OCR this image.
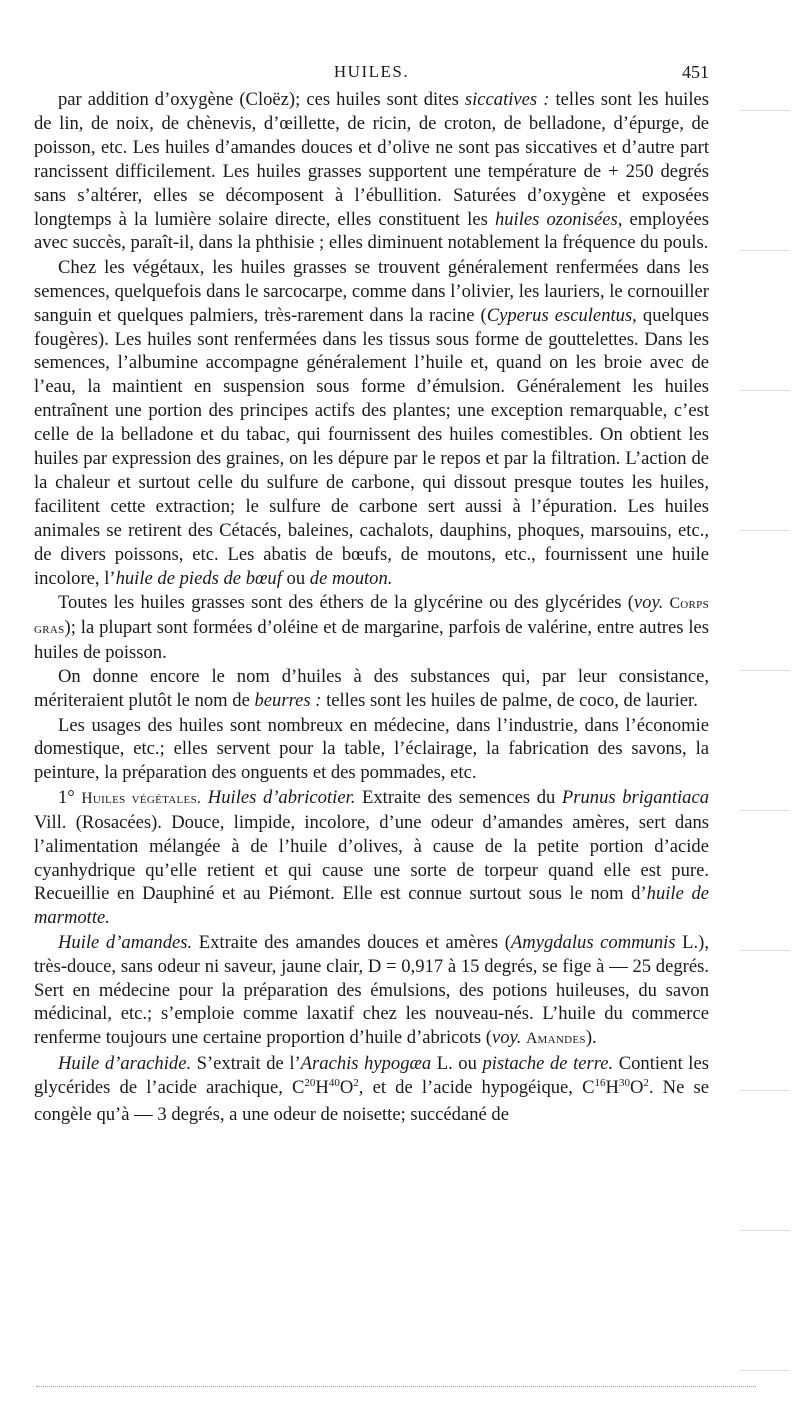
HUILES.	451

par addition d’oxygène (Cloëz); ces huiles sont dites siccatives : telles sont les huiles de lin, de noix, de chènevis, d’œillette, de ricin, de croton, de belladone, d’épurge, de poisson, etc. Les huiles d’amandes douces et d’olive ne sont pas siccatives et d’autre part rancissent difficilement. Les huiles grasses supportent une température de + 250 degrés sans s’altérer, elles se décomposent à l’ébullition. Saturées d’oxygène et exposées longtemps à la lumière solaire directe, elles constituent les huiles ozonisées, employées avec succès, paraît-il, dans la phthisie ; elles diminuent notablement la fréquence du pouls.

Chez les végétaux, les huiles grasses se trouvent généralement renfermées dans les semences, quelquefois dans le sarcocarpe, comme dans l’olivier, les lauriers, le cornouiller sanguin et quelques palmiers, très-rarement dans la racine (Cyperus esculentus, quelques fougères). Les huiles sont renfermées dans les tissus sous forme de gouttelettes. Dans les semences, l’albumine accompagne généralement l’huile et, quand on les broie avec de l’eau, la maintient en suspension sous forme d’émulsion. Généralement les huiles entraînent une portion des principes actifs des plantes; une exception remarquable, c’est celle de la belladone et du tabac, qui fournissent des huiles comestibles. On obtient les huiles par expression des graines, on les dépure par le repos et par la filtration. L’action de la chaleur et surtout celle du sulfure de carbone, qui dissout presque toutes les huiles, facilitent cette extraction; le sulfure de carbone sert aussi à l’épuration. Les huiles animales se retirent des Cétacés, baleines, cachalots, dauphins, phoques, marsouins, etc., de divers poissons, etc. Les abatis de bœufs, de moutons, etc., fournissent une huile incolore, l’huile de pieds de bœuf ou de mouton.

Toutes les huiles grasses sont des éthers de la glycérine ou des glycérides (voy. Corps gras); la plupart sont formées d’oléine et de margarine, parfois de valérine, entre autres les huiles de poisson.

On donne encore le nom d’huiles à des substances qui, par leur consistance, mériteraient plutôt le nom de beurres : telles sont les huiles de palme, de coco, de laurier.

Les usages des huiles sont nombreux en médecine, dans l’industrie, dans l’économie domestique, etc.; elles servent pour la table, l’éclairage, la fabrication des savons, la peinture, la préparation des onguents et des pommades, etc.

1° Huiles végétales. Huiles d’abricotier. Extraite des semences du Prunus brigantiaca Vill. (Rosacées). Douce, limpide, incolore, d’une odeur d’amandes amères, sert dans l’alimentation mélangée à de l’huile d’olives, à cause de la petite portion d’acide cyanhydrique qu’elle retient et qui cause une sorte de torpeur quand elle est pure. Recueillie en Dauphiné et au Piémont. Elle est connue surtout sous le nom d’huile de marmotte.

Huile d’amandes. Extraite des amandes douces et amères (Amygdalus communis L.), très-douce, sans odeur ni saveur, jaune clair, D = 0,917 à 15 degrés, se fige à — 25 degrés. Sert en médecine pour la préparation des émulsions, des potions huileuses, du savon médicinal, etc.; s’emploie comme laxatif chez les nouveau-nés. L’huile du commerce renferme toujours une certaine proportion d’huile d’abricots (voy. Amandes).

Huile d’arachide. S’extrait de l’Arachis hypogæa L. ou pistache de terre. Contient les glycérides de l’acide arachique, $C^{20}H^{40}O^2$, et de l’acide hypogéique, $C^{16}H^{30}O^2$. Ne se congèle qu’à — 3 degrés, a une odeur de noisette; succédané de
